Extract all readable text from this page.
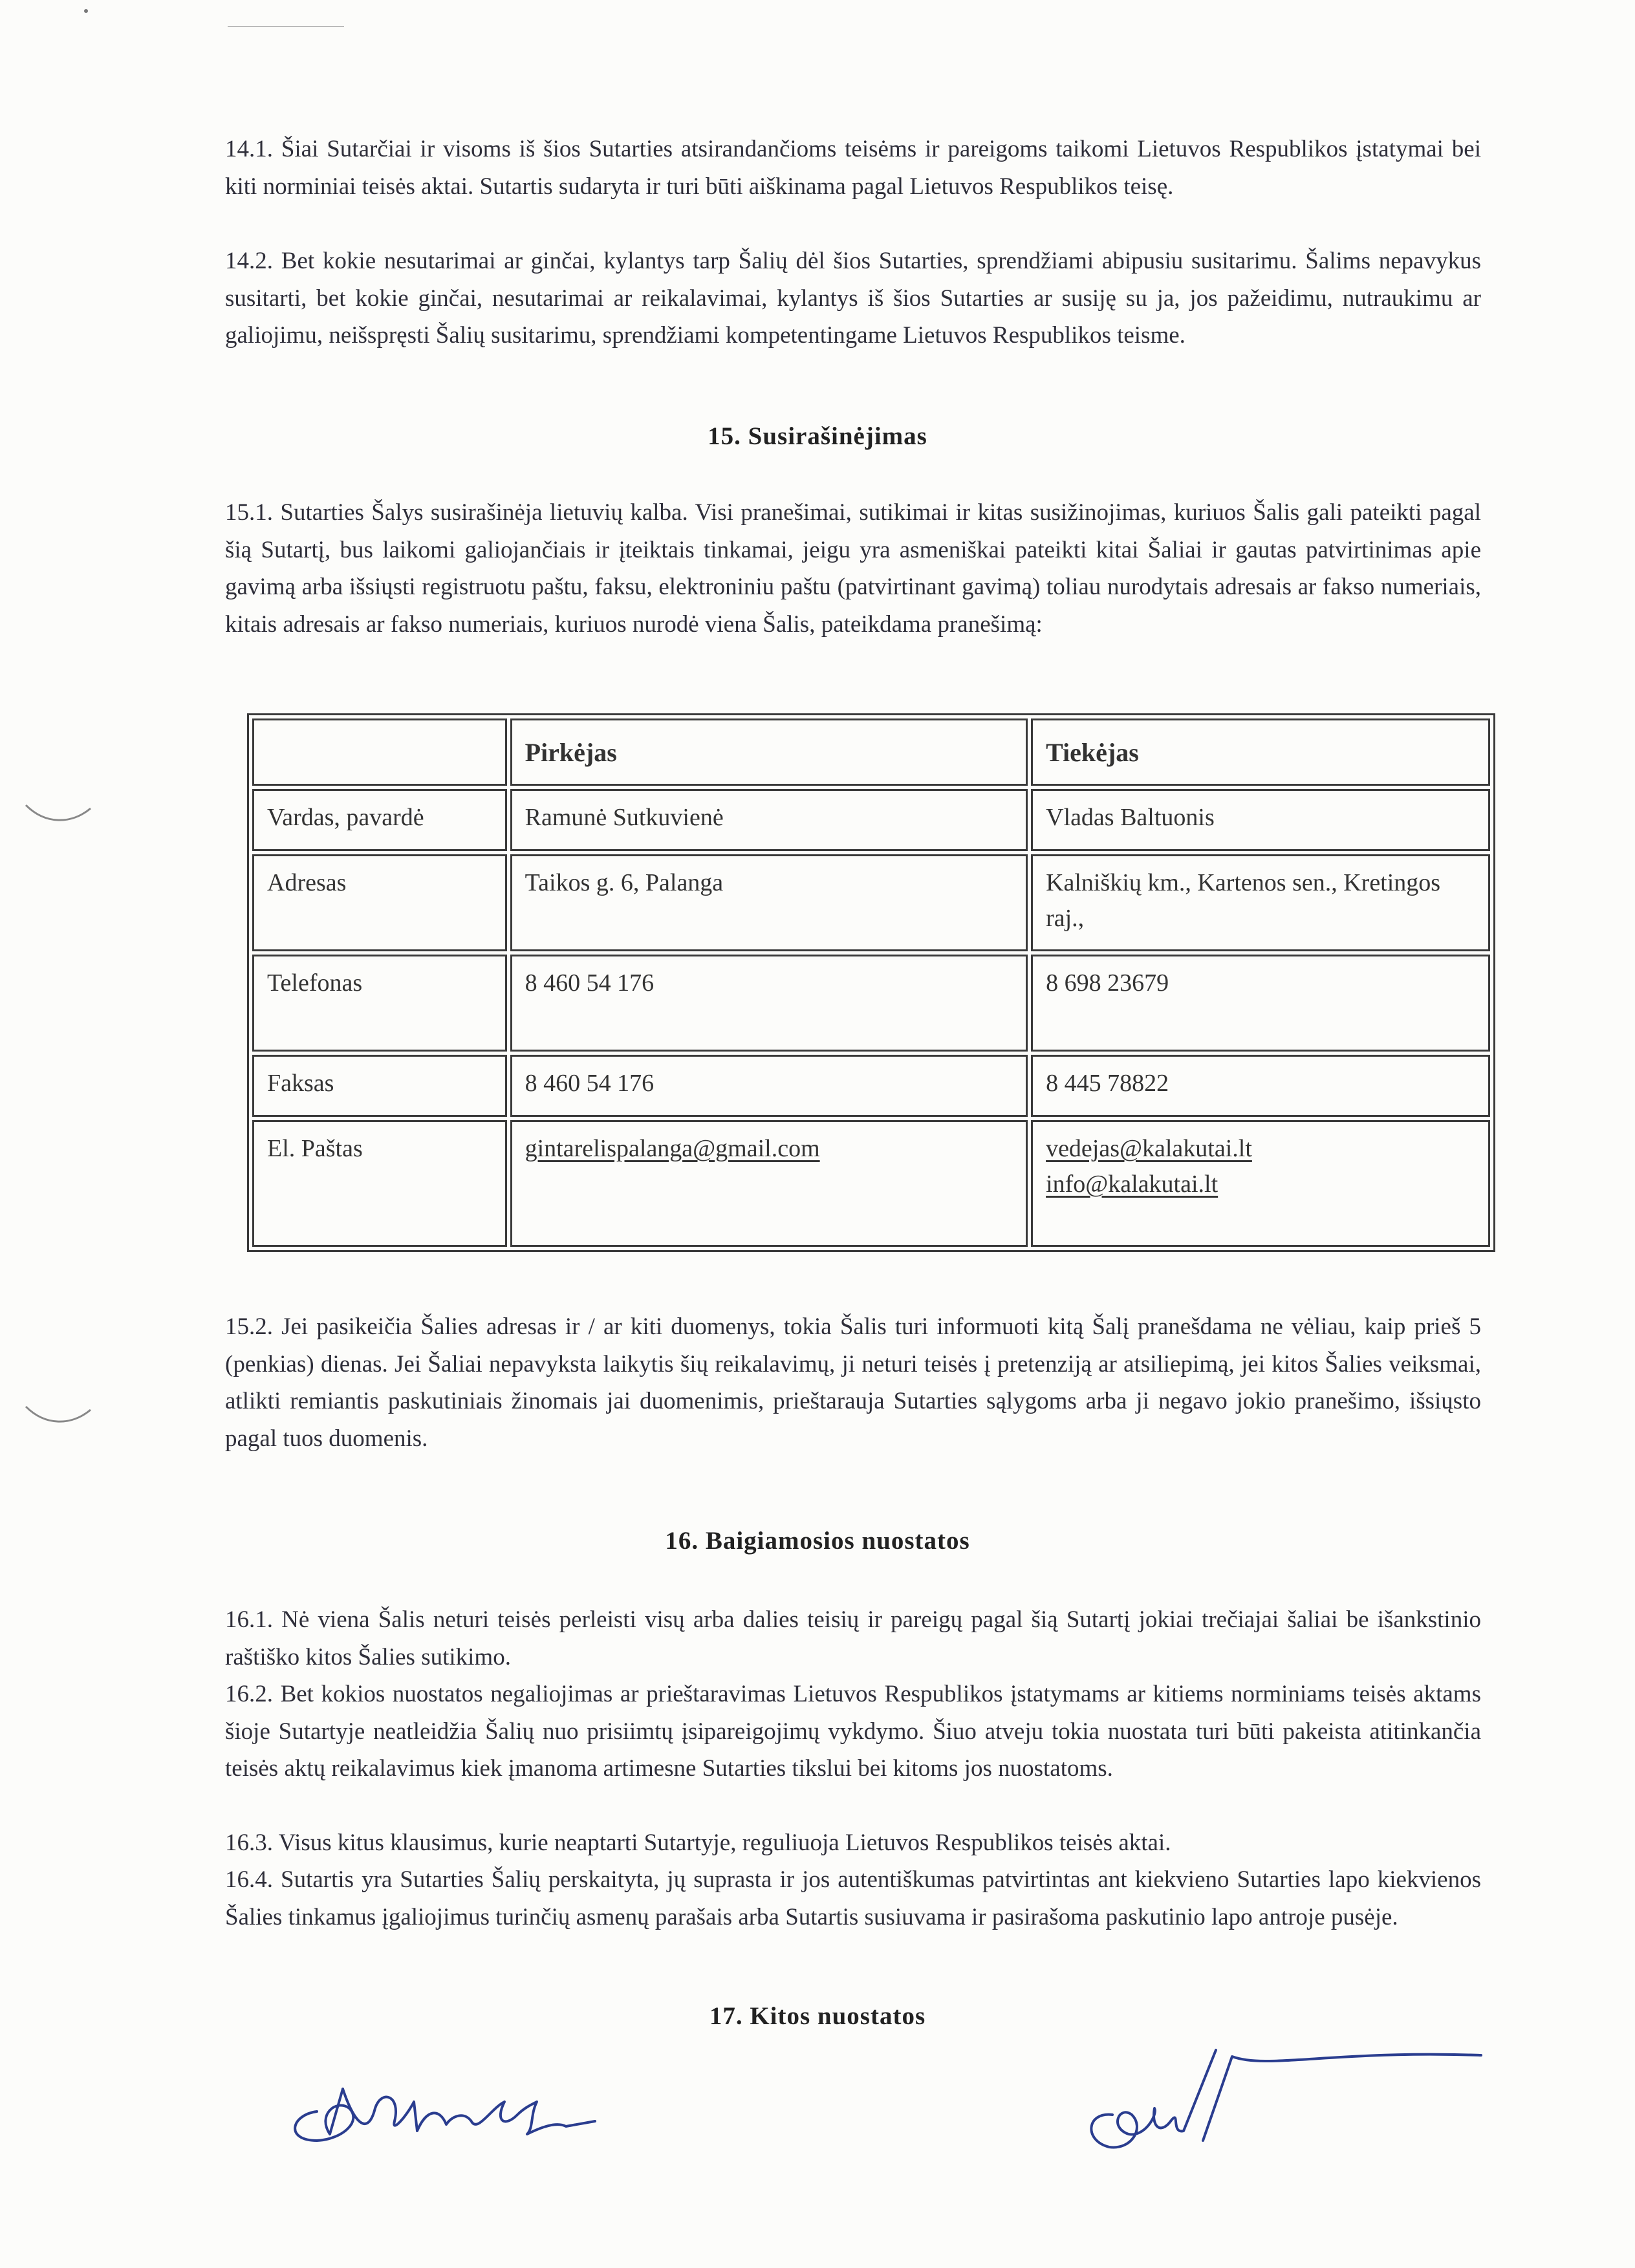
14.1. Šiai Sutarčiai ir visoms iš šios Sutarties atsirandančioms teisėms ir pareigoms taikomi Lietuvos Respublikos įstatymai bei kiti norminiai teisės aktai. Sutartis sudaryta ir turi būti aiškinama pagal Lietuvos Respublikos teisę.

14.2. Bet kokie nesutarimai ar ginčai, kylantys tarp Šalių dėl šios Sutarties, sprendžiami abipusiu susitarimu. Šalims nepavykus susitarti, bet kokie ginčai, nesutarimai ar reikalavimai, kylantys iš šios Sutarties ar susiję su ja, jos pažeidimu, nutraukimu ar galiojimu, neišspręsti Šalių susitarimu, sprendžiami kompetentingame Lietuvos Respublikos teisme.

15. Susirašinėjimas

15.1. Sutarties Šalys susirašinėja lietuvių kalba. Visi pranešimai, sutikimai ir kitas susižinojimas, kuriuos Šalis gali pateikti pagal šią Sutartį, bus laikomi galiojančiais ir įteiktais tinkamai, jeigu yra asmeniškai pateikti kitai Šaliai ir gautas patvirtinimas apie gavimą arba išsiųsti registruotu paštu, faksu, elektroniniu paštu (patvirtinant gavimą) toliau nurodytais adresais ar fakso numeriais, kitais adresais ar fakso numeriais, kuriuos nurodė viena Šalis, pateikdama pranešimą:

	Pirkėjas	Tiekėjas
Vardas, pavardė	Ramunė Sutkuvienė	Vladas Baltuonis
Adresas	Taikos g. 6, Palanga	Kalniškių km., Kartenos sen., Kretingos raj.,
Telefonas	8 460 54 176	8 698 23679
Faksas	8 460 54 176	8 445 78822
El. Paštas	gintarelispalanga@gmail.com	vedejas@kalakutai.lt
info@kalakutai.lt

15.2. Jei pasikeičia Šalies adresas ir / ar kiti duomenys, tokia Šalis turi informuoti kitą Šalį pranešdama ne vėliau, kaip prieš 5 (penkias) dienas. Jei Šaliai nepavyksta laikytis šių reikalavimų, ji neturi teisės į pretenziją ar atsiliepimą, jei kitos Šalies veiksmai, atlikti remiantis paskutiniais žinomais jai duomenimis, prieštarauja Sutarties sąlygoms arba ji negavo jokio pranešimo, išsiųsto pagal tuos duomenis.

16. Baigiamosios nuostatos

16.1. Nė viena Šalis neturi teisės perleisti visų arba dalies teisių ir pareigų pagal šią Sutartį jokiai trečiajai šaliai be išankstinio raštiško kitos Šalies sutikimo.

16.2. Bet kokios nuostatos negaliojimas ar prieštaravimas Lietuvos Respublikos įstatymams ar kitiems norminiams teisės aktams šioje Sutartyje neatleidžia Šalių nuo prisiimtų įsipareigojimų vykdymo. Šiuo atveju tokia nuostata turi būti pakeista atitinkančia teisės aktų reikalavimus kiek įmanoma artimesne Sutarties tikslui bei kitoms jos nuostatoms.

16.3. Visus kitus klausimus, kurie neaptarti Sutartyje, reguliuoja Lietuvos Respublikos teisės aktai.

16.4. Sutartis yra Sutarties Šalių perskaityta, jų suprasta ir jos autentiškumas patvirtintas ant kiekvieno Sutarties lapo kiekvienos Šalies tinkamus įgaliojimus turinčių asmenų parašais arba Sutartis susiuvama ir pasirašoma paskutinio lapo antroje pusėje.

17. Kitos nuostatos
